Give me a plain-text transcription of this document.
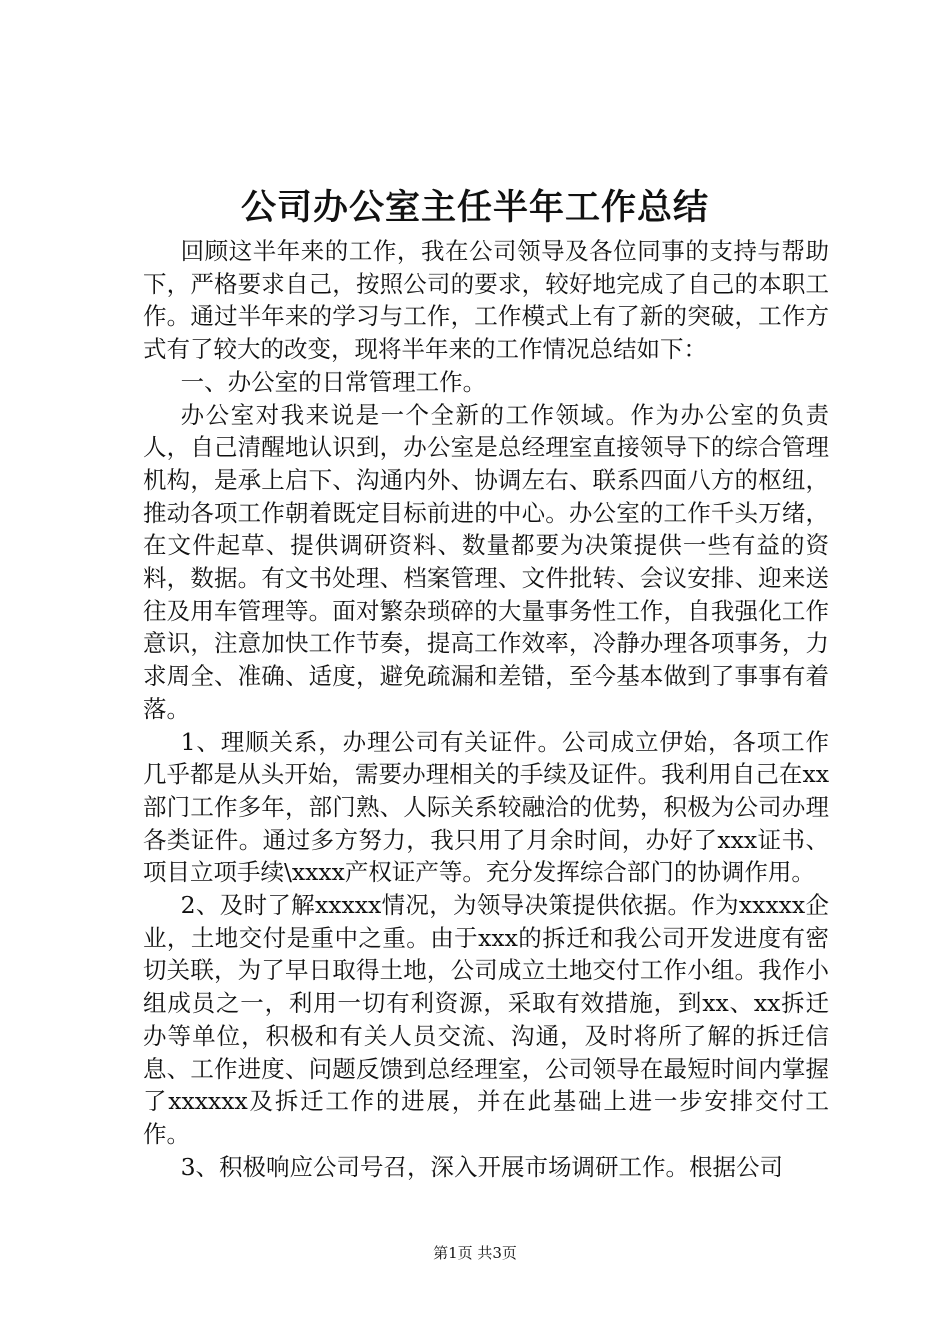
公司办公室主任半年工作总结

回顾这半年来的工作，我在公司领导及各位同事的支持与帮助下，严格要求自己，按照公司的要求，较好地完成了自己的本职工作。通过半年来的学习与工作，工作模式上有了新的突破，工作方式有了较大的改变，现将半年来的工作情况总结如下：

一、办公室的日常管理工作。

办公室对我来说是一个全新的工作领域。作为办公室的负责人，自己清醒地认识到，办公室是总经理室直接领导下的综合管理机构，是承上启下、沟通内外、协调左右、联系四面八方的枢纽，推动各项工作朝着既定目标前进的中心。办公室的工作千头万绪，在文件起草、提供调研资料、数量都要为决策提供一些有益的资料，数据。有文书处理、档案管理、文件批转、会议安排、迎来送往及用车管理等。面对繁杂琐碎的大量事务性工作，自我强化工作意识，注意加快工作节奏，提高工作效率，冷静办理各项事务，力求周全、准确、适度，避免疏漏和差错，至今基本做到了事事有着落。

1、理顺关系，办理公司有关证件。公司成立伊始，各项工作几乎都是从头开始，需要办理相关的手续及证件。我利用自己在xx部门工作多年，部门熟、人际关系较融洽的优势，积极为公司办理各类证件。通过多方努力，我只用了月余时间，办好了xxx证书、项目立项手续\xxxx产权证产等。充分发挥综合部门的协调作用。

2、及时了解xxxxx情况，为领导决策提供依据。作为xxxxx企业，土地交付是重中之重。由于xxx的拆迁和我公司开发进度有密切关联，为了早日取得土地，公司成立土地交付工作小组。我作小组成员之一，利用一切有利资源，采取有效措施，到xx、xx拆迁办等单位，积极和有关人员交流、沟通，及时将所了解的拆迁信息、工作进度、问题反馈到总经理室，公司领导在最短时间内掌握了xxxxxx及拆迁工作的进展，并在此基础上进一步安排交付工作。

3、积极响应公司号召，深入开展市场调研工作。根据公司

第1页 共3页
